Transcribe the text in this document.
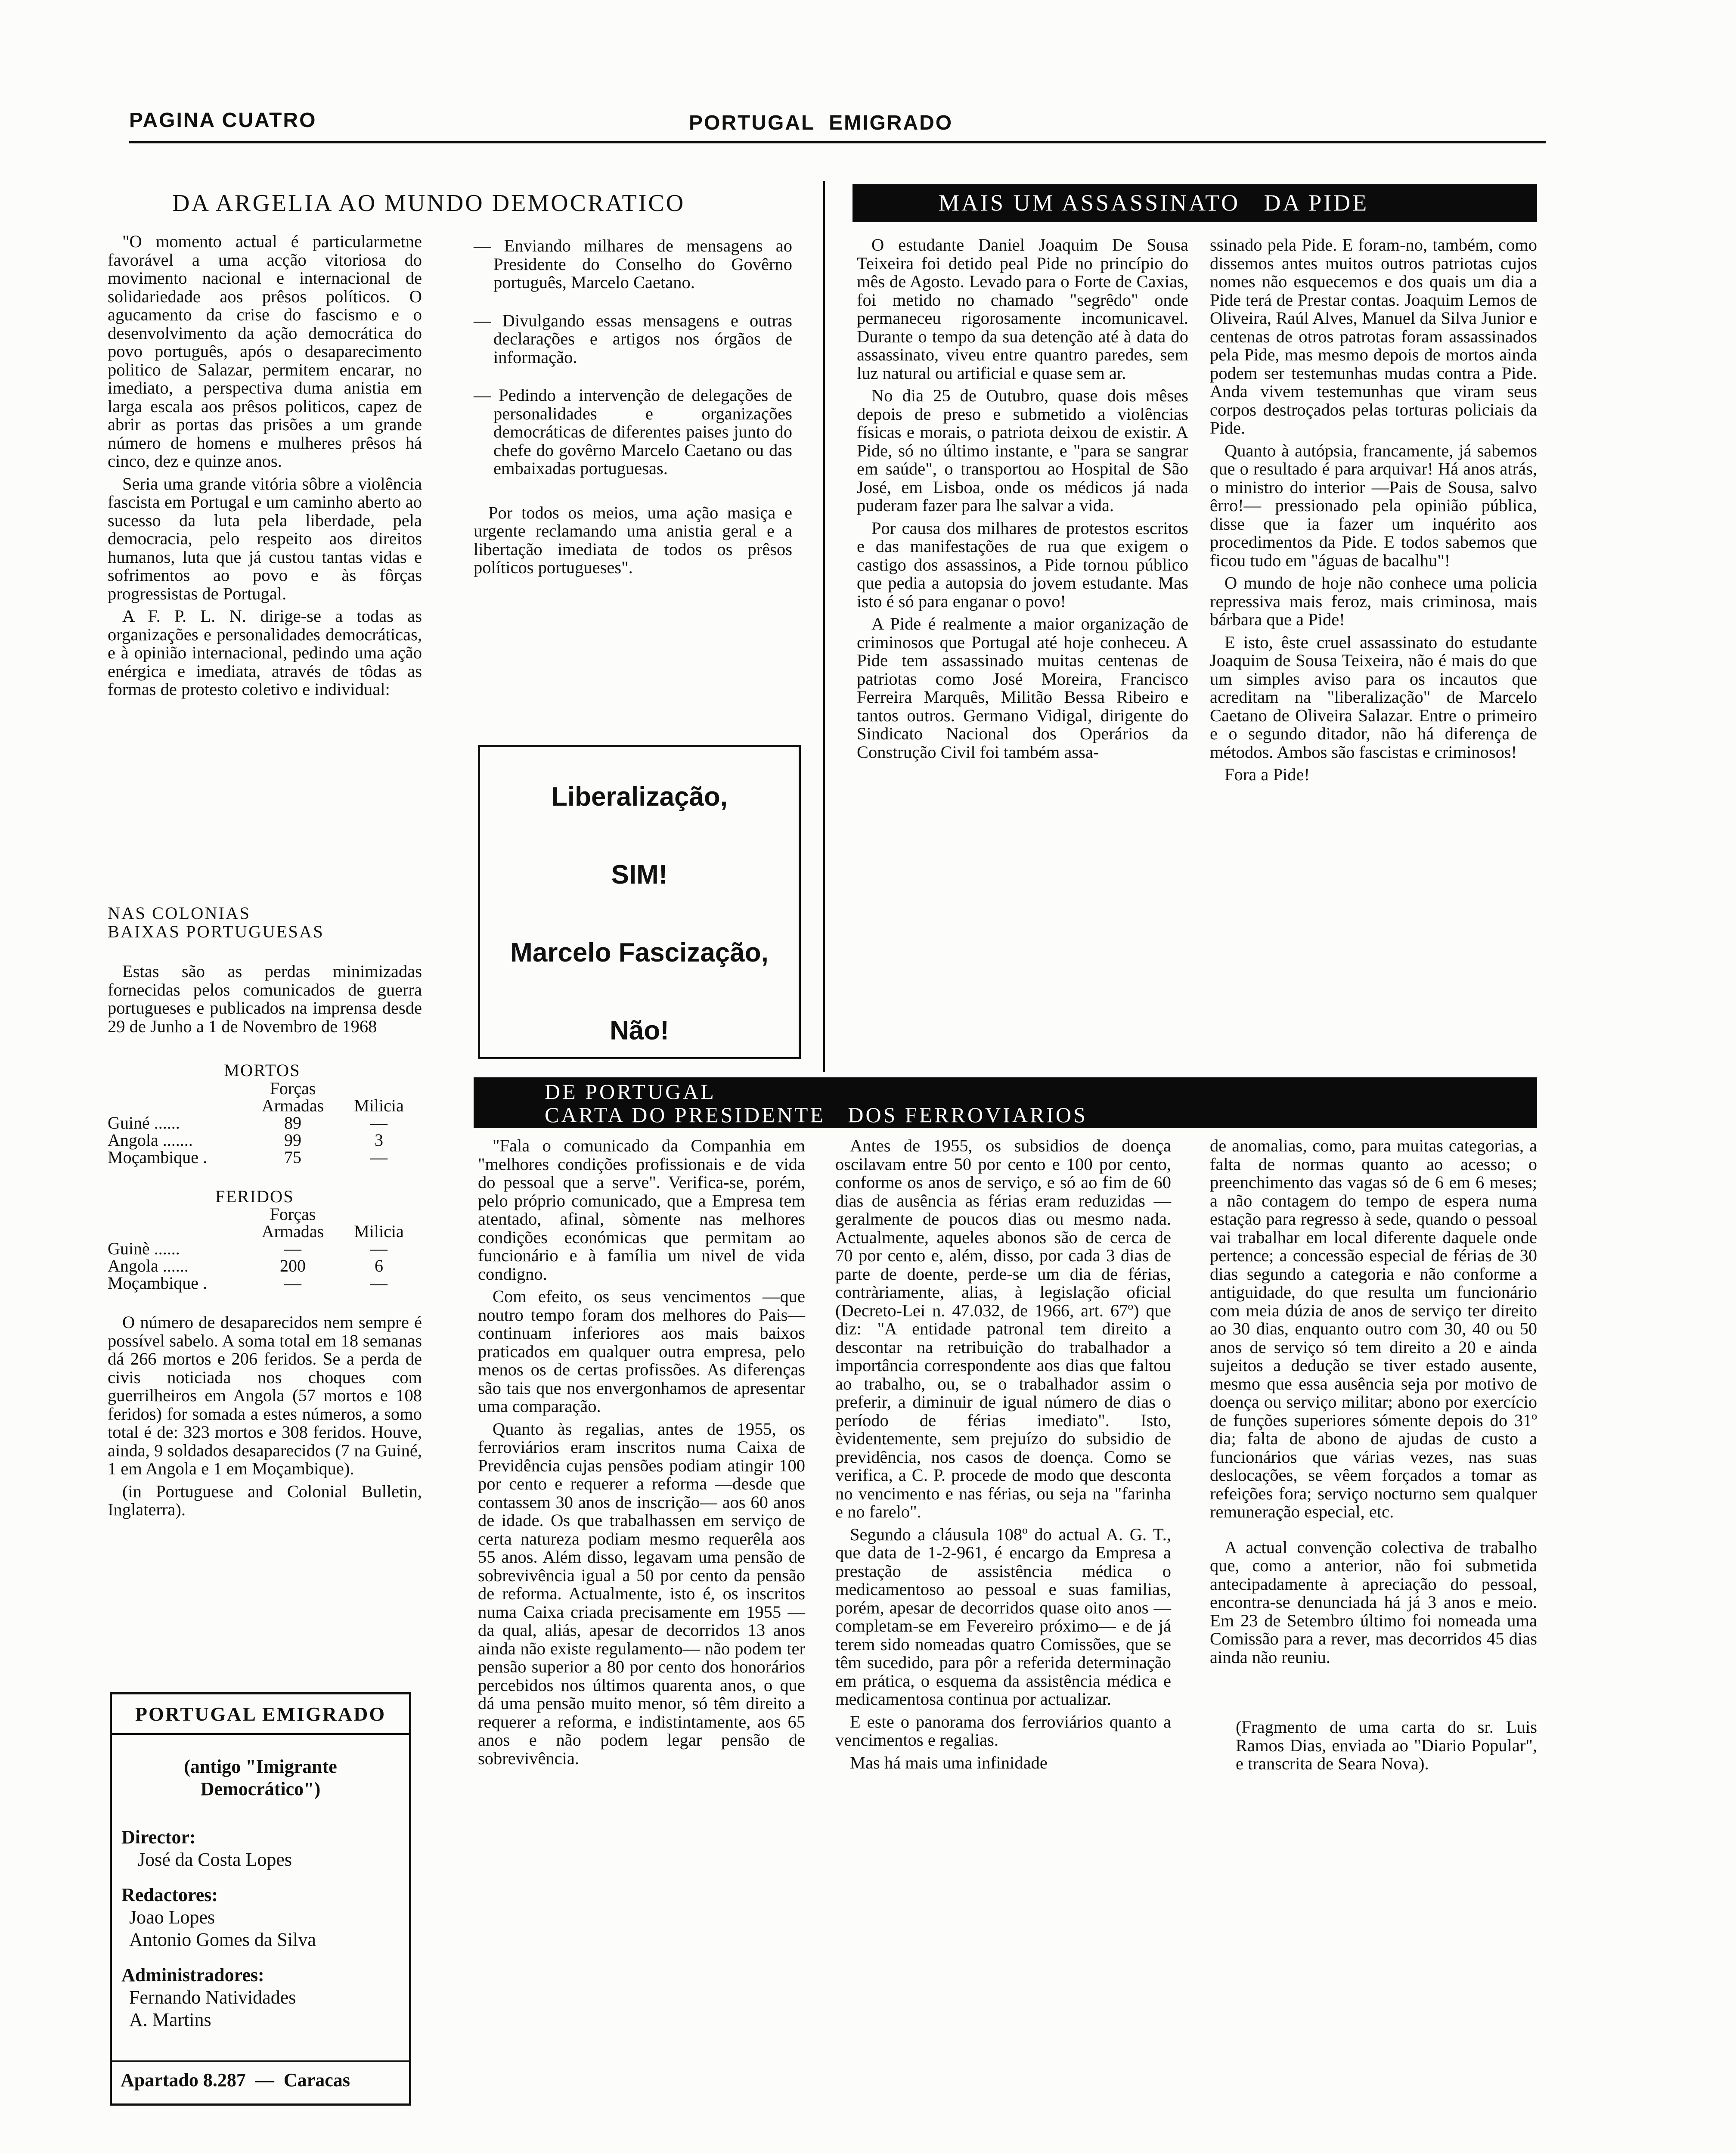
PAGINA CUATRO	PORTUGAL  EMIGRADO
DA ARGELIA AO MUNDO DEMOCRATICO

"O momento actual é particularmetne favorável a uma acção vitoriosa do movimento nacional e internacional de solidariedade aos prêsos políticos. O agucamento da crise do fascismo e o desenvolvimento da ação democrática do povo português, após o desaparecimento politico de Salazar, permitem encarar, no imediato, a perspectiva duma anistia em larga escala aos prêsos politicos, capez de abrir as portas das prisões a um grande número de homens e mulheres prêsos há cinco, dez e quinze anos.

Seria uma grande vitória sôbre a violência fascista em Portugal e um caminho aberto ao sucesso da luta pela liberdade, pela democracia, pelo respeito aos direitos humanos, luta que já custou tantas vidas e sofrimentos ao povo e às fôrças progressistas de Portugal.

A F. P. L. N. dirige-se a todas as organizações e personalidades democráticas, e à opinião internacional, pedindo uma ação enérgica e imediata, através de tôdas as formas de protesto coletivo e individual:

— Enviando milhares de mensagens ao Presidente do Conselho do Govêrno português, Marcelo Caetano.
— Divulgando essas mensagens e outras declarações e artigos nos órgãos de informação.
— Pedindo a intervenção de delegações de personalidades e organizações democráticas de diferentes paises junto do chefe do govêrno Marcelo Caetano ou das embaixadas portuguesas.

Por todos os meios, uma ação masiça e urgente reclamando uma anistia geral e a libertação imediata de todos os prêsos políticos portugueses".

Liberalização,
SIM!
Marcelo Fascização,
Não!
NAS COLONIAS
BAIXAS PORTUGUESAS

Estas são as perdas minimizadas fornecidas pelos comunicados de guerra portugueses e publicados na imprensa desde 29 de Junho a 1 de Novembro de 1968

MORTOS
	Forças	
	Armadas	Milicia
Guiné ......	89	—
Angola .......	99	3
Moçambique .	75	—
FERIDOS
	Forças	
	Armadas	Milicia
Guinè ......	—	—
Angola ......	200	6
Moçambique .	—	—

O número de desaparecidos nem sempre é possível sabelo. A soma total em 18 semanas dá 266 mortos e 206 feridos. Se a perda de civis noticiada nos choques com guerrilheiros em Angola (57 mortos e 108 feridos) for somada a estes números, a somo total é de: 323 mortos e 308 feridos. Houve, ainda, 9 soldados desaparecidos (7 na Guiné, 1 em Angola e 1 em Moçambique).

(in Portuguese and Colonial Bulletin, Inglaterra).

PORTUGAL EMIGRADO
(antigo "Imigrante
Democrático")
Director:
José da Costa Lopes
Redactores:
Joao Lopes
Antonio Gomes da Silva
Administradores:
Fernando Natividades
A. Martins
Apartado 8.287  —  Caracas
MAIS UM ASSASSINATO   DA PIDE

O estudante Daniel Joaquim De Sousa Teixeira foi detido peal Pide no princípio do mês de Agosto. Levado para o Forte de Caxias, foi metido no chamado "segrêdo" onde permaneceu rigorosamente incomunicavel. Durante o tempo da sua detenção até à data do assassinato, viveu entre quantro paredes, sem luz natural ou artificial e quase sem ar.

No dia 25 de Outubro, quase dois mêses depois de preso e submetido a violências físicas e morais, o patriota deixou de existir. A Pide, só no último instante, e "para se sangrar em saúde", o transportou ao Hospital de São José, em Lisboa, onde os médicos já nada puderam fazer para lhe salvar a vida.

Por causa dos milhares de protestos escritos e das manifestações de rua que exigem o castigo dos assassinos, a Pide tornou público que pedia a autopsia do jovem estudante. Mas isto é só para enganar o povo!

A Pide é realmente a maior organização de criminosos que Portugal até hoje conheceu. A Pide tem assassinado muitas centenas de patriotas como José Moreira, Francisco Ferreira Marquês, Militão Bessa Ribeiro e tantos outros. Germano Vidigal, dirigente do Sindicato Nacional dos Operários da Construção Civil foi também assa-

ssinado pela Pide. E foram-no, também, como dissemos antes muitos outros patriotas cujos nomes não esquecemos e dos quais um dia a Pide terá de Prestar contas. Joaquim Lemos de Oliveira, Raúl Alves, Manuel da Silva Junior e centenas de otros patrotas foram assassinados pela Pide, mas mesmo depois de mortos ainda podem ser testemunhas mudas contra a Pide. Anda vivem testemunhas que viram seus corpos destroçados pelas torturas policiais da Pide.

Quanto à autópsia, francamente, já sabemos que o resultado é para arquivar! Há anos atrás, o ministro do interior —Pais de Sousa, salvo êrro!— pressionado pela opinião pública, disse que ia fazer um inquérito aos procedimentos da Pide. E todos sabemos que ficou tudo em "águas de bacalhu"!

O mundo de hoje não conhece uma policia repressiva mais feroz, mais criminosa, mais bárbara que a Pide!

E isto, êste cruel assassinato do estudante Joaquim de Sousa Teixeira, não é mais do que um simples aviso para os incautos que acreditam na "liberalização" de Marcelo Caetano de Oliveira Salazar. Entre o primeiro e o segundo ditador, não há diferença de métodos. Ambos são fascistas e criminosos!

Fora a Pide!

DE PORTUGAL
CARTA DO PRESIDENTE   DOS FERROVIARIOS

"Fala o comunicado da Companhia em "melhores condições profissionais e de vida do pessoal que a serve". Verifica-se, porém, pelo próprio comunicado, que a Empresa tem atentado, afinal, sòmente nas melhores condições económicas que permitam ao funcionário e à família um nivel de vida condigno.

Com efeito, os seus vencimentos —que noutro tempo foram dos melhores do Pais— continuam inferiores aos mais baixos praticados em qualquer outra empresa, pelo menos os de certas profissões. As diferenças são tais que nos envergonhamos de apresentar uma comparação.

Quanto às regalias, antes de 1955, os ferroviários eram inscritos numa Caixa de Previdência cujas pensões podiam atingir 100 por cento e requerer a reforma —desde que contassem 30 anos de inscrição— aos 60 anos de idade. Os que trabalhassen em serviço de certa natureza podiam mesmo requerêla aos 55 anos. Além disso, legavam uma pensão de sobrevivência igual a 50 por cento da pensão de reforma. Actualmente, isto é, os inscritos numa Caixa criada precisamente em 1955 —da qual, aliás, apesar de decorridos 13 anos ainda não existe regulamento— não podem ter pensão superior a 80 por cento dos honorários percebidos nos últimos quarenta anos, o que dá uma pensão muito menor, só têm direito a requerer a reforma, e indistintamente, aos 65 anos e não podem legar pensão de sobrevivência.

Antes de 1955, os subsidios de doença oscilavam entre 50 por cento e 100 por cento, conforme os anos de serviço, e só ao fim de 60 dias de ausência as férias eram reduzidas — geralmente de poucos dias ou mesmo nada. Actualmente, aqueles abonos são de cerca de 70 por cento e, além, disso, por cada 3 dias de parte de doente, perde-se um dia de férias, contràriamente, alias, à legislação oficial (Decreto-Lei n. 47.032, de 1966, art. 67º) que diz: "A entidade patronal tem direito a descontar na retribuição do trabalhador a importância correspondente aos dias que faltou ao trabalho, ou, se o trabalhador assim o preferir, a diminuir de igual número de dias o período de férias imediato". Isto, èvidentemente, sem prejuízo do subsidio de previdência, nos casos de doença. Como se verifica, a C. P. procede de modo que desconta no vencimento e nas férias, ou seja na "farinha e no farelo".

Segundo a cláusula 108º do actual A. G. T., que data de 1-2-961, é encargo da Empresa a prestação de assistência médica o medicamentoso ao pessoal e suas familias, porém, apesar de decorridos quase oito anos —completam-se em Fevereiro próximo— e de já terem sido nomeadas quatro Comissões, que se têm sucedido, para pôr a referida determinação em prática, o esquema da assistência médica e medicamentosa continua por actualizar.

E este o panorama dos ferroviários quanto a vencimentos e regalias.

Mas há mais uma infinidade

de anomalias, como, para muitas categorias, a falta de normas quanto ao acesso; o preenchimento das vagas só de 6 em 6 meses; a não contagem do tempo de espera numa estação para regresso à sede, quando o pessoal vai trabalhar em local diferente daquele onde pertence; a concessão especial de férias de 30 dias segundo a categoria e não conforme a antiguidade, do que resulta um funcionário com meia dúzia de anos de serviço ter direito ao 30 dias, enquanto outro com 30, 40 ou 50 anos de serviço só tem direito a 20 e ainda sujeitos a dedução se tiver estado ausente, mesmo que essa ausência seja por motivo de doença ou serviço militar; abono por exercício de funções superiores sómente depois do 31º dia; falta de abono de ajudas de custo a funcionários que várias vezes, nas suas deslocações, se vêem forçados a tomar as refeições fora; serviço nocturno sem qualquer remuneração especial, etc.

A actual convenção colectiva de trabalho que, como a anterior, não foi submetida antecipadamente à apreciação do pessoal, encontra-se denunciada há já 3 anos e meio. Em 23 de Setembro último foi nomeada uma Comissão para a rever, mas decorridos 45 dias ainda não reuniu.

(Fragmento de uma carta do sr. Luis Ramos Dias, enviada ao "Diario Popular", e transcrita de Seara Nova).
